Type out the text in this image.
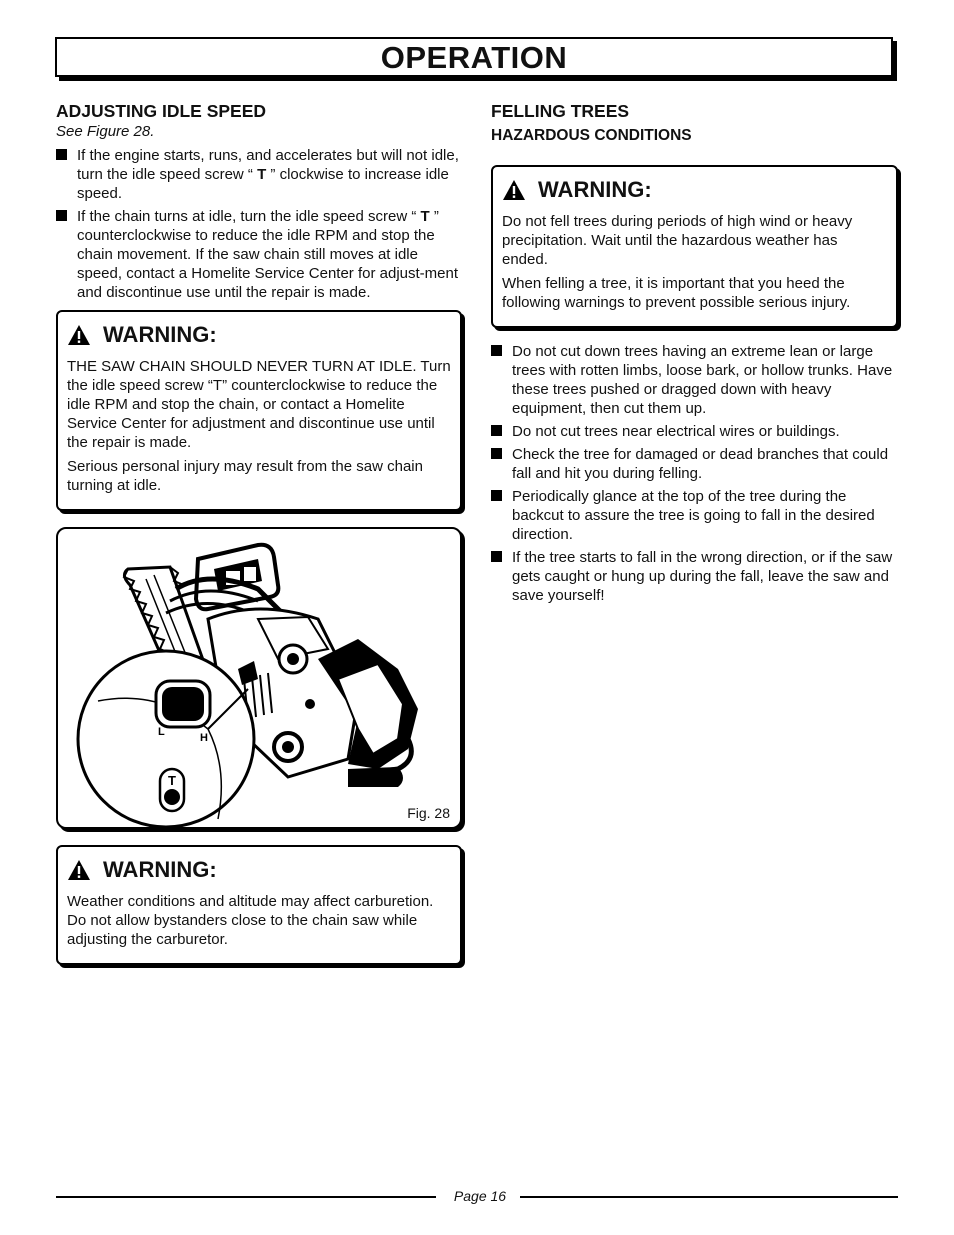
OPERATION
ADJUSTING IDLE SPEED

See Figure 28.

If the engine starts, runs, and accelerates but will not idle, turn the idle speed screw “ T ” clockwise to increase idle speed.
If the chain turns at idle, turn the idle speed screw “ T ” counterclockwise to reduce the idle RPM and stop the chain movement. If the saw chain still moves at idle speed, contact a Homelite Service Center for adjust-ment and discontinue use until the repair is made.
WARNING:

THE SAW CHAIN SHOULD NEVER TURN AT IDLE. Turn the idle speed screw “T” counterclockwise to reduce the idle RPM and stop the chain, or contact a Homelite Service Center for adjustment and discontinue use until the repair is made.

Serious personal injury may result from the saw chain turning at idle.

L	H
T
Fig. 28
WARNING:

Weather conditions and altitude may affect carburetion.

Do not allow bystanders close to the chain saw while adjusting the carburetor.

FELLING TREES
HAZARDOUS CONDITIONS
WARNING:

Do not fell trees during periods of high wind or heavy precipitation. Wait until the hazardous weather has ended.

When felling a tree, it is important that you heed the following warnings to prevent possible serious injury.

Do not cut down trees having an extreme lean or large trees with rotten limbs, loose bark, or hollow trunks. Have these trees pushed or dragged down with heavy equipment, then cut them up.
Do not cut trees near electrical wires or buildings.
Check the tree for damaged or dead branches that could fall and hit you during felling.
Periodically glance at the top of the tree during the backcut to assure the tree is going to fall in the desired direction.
If the tree starts to fall in the wrong direction, or if the saw gets caught or hung up during the fall, leave the saw and save yourself!
Page 16
